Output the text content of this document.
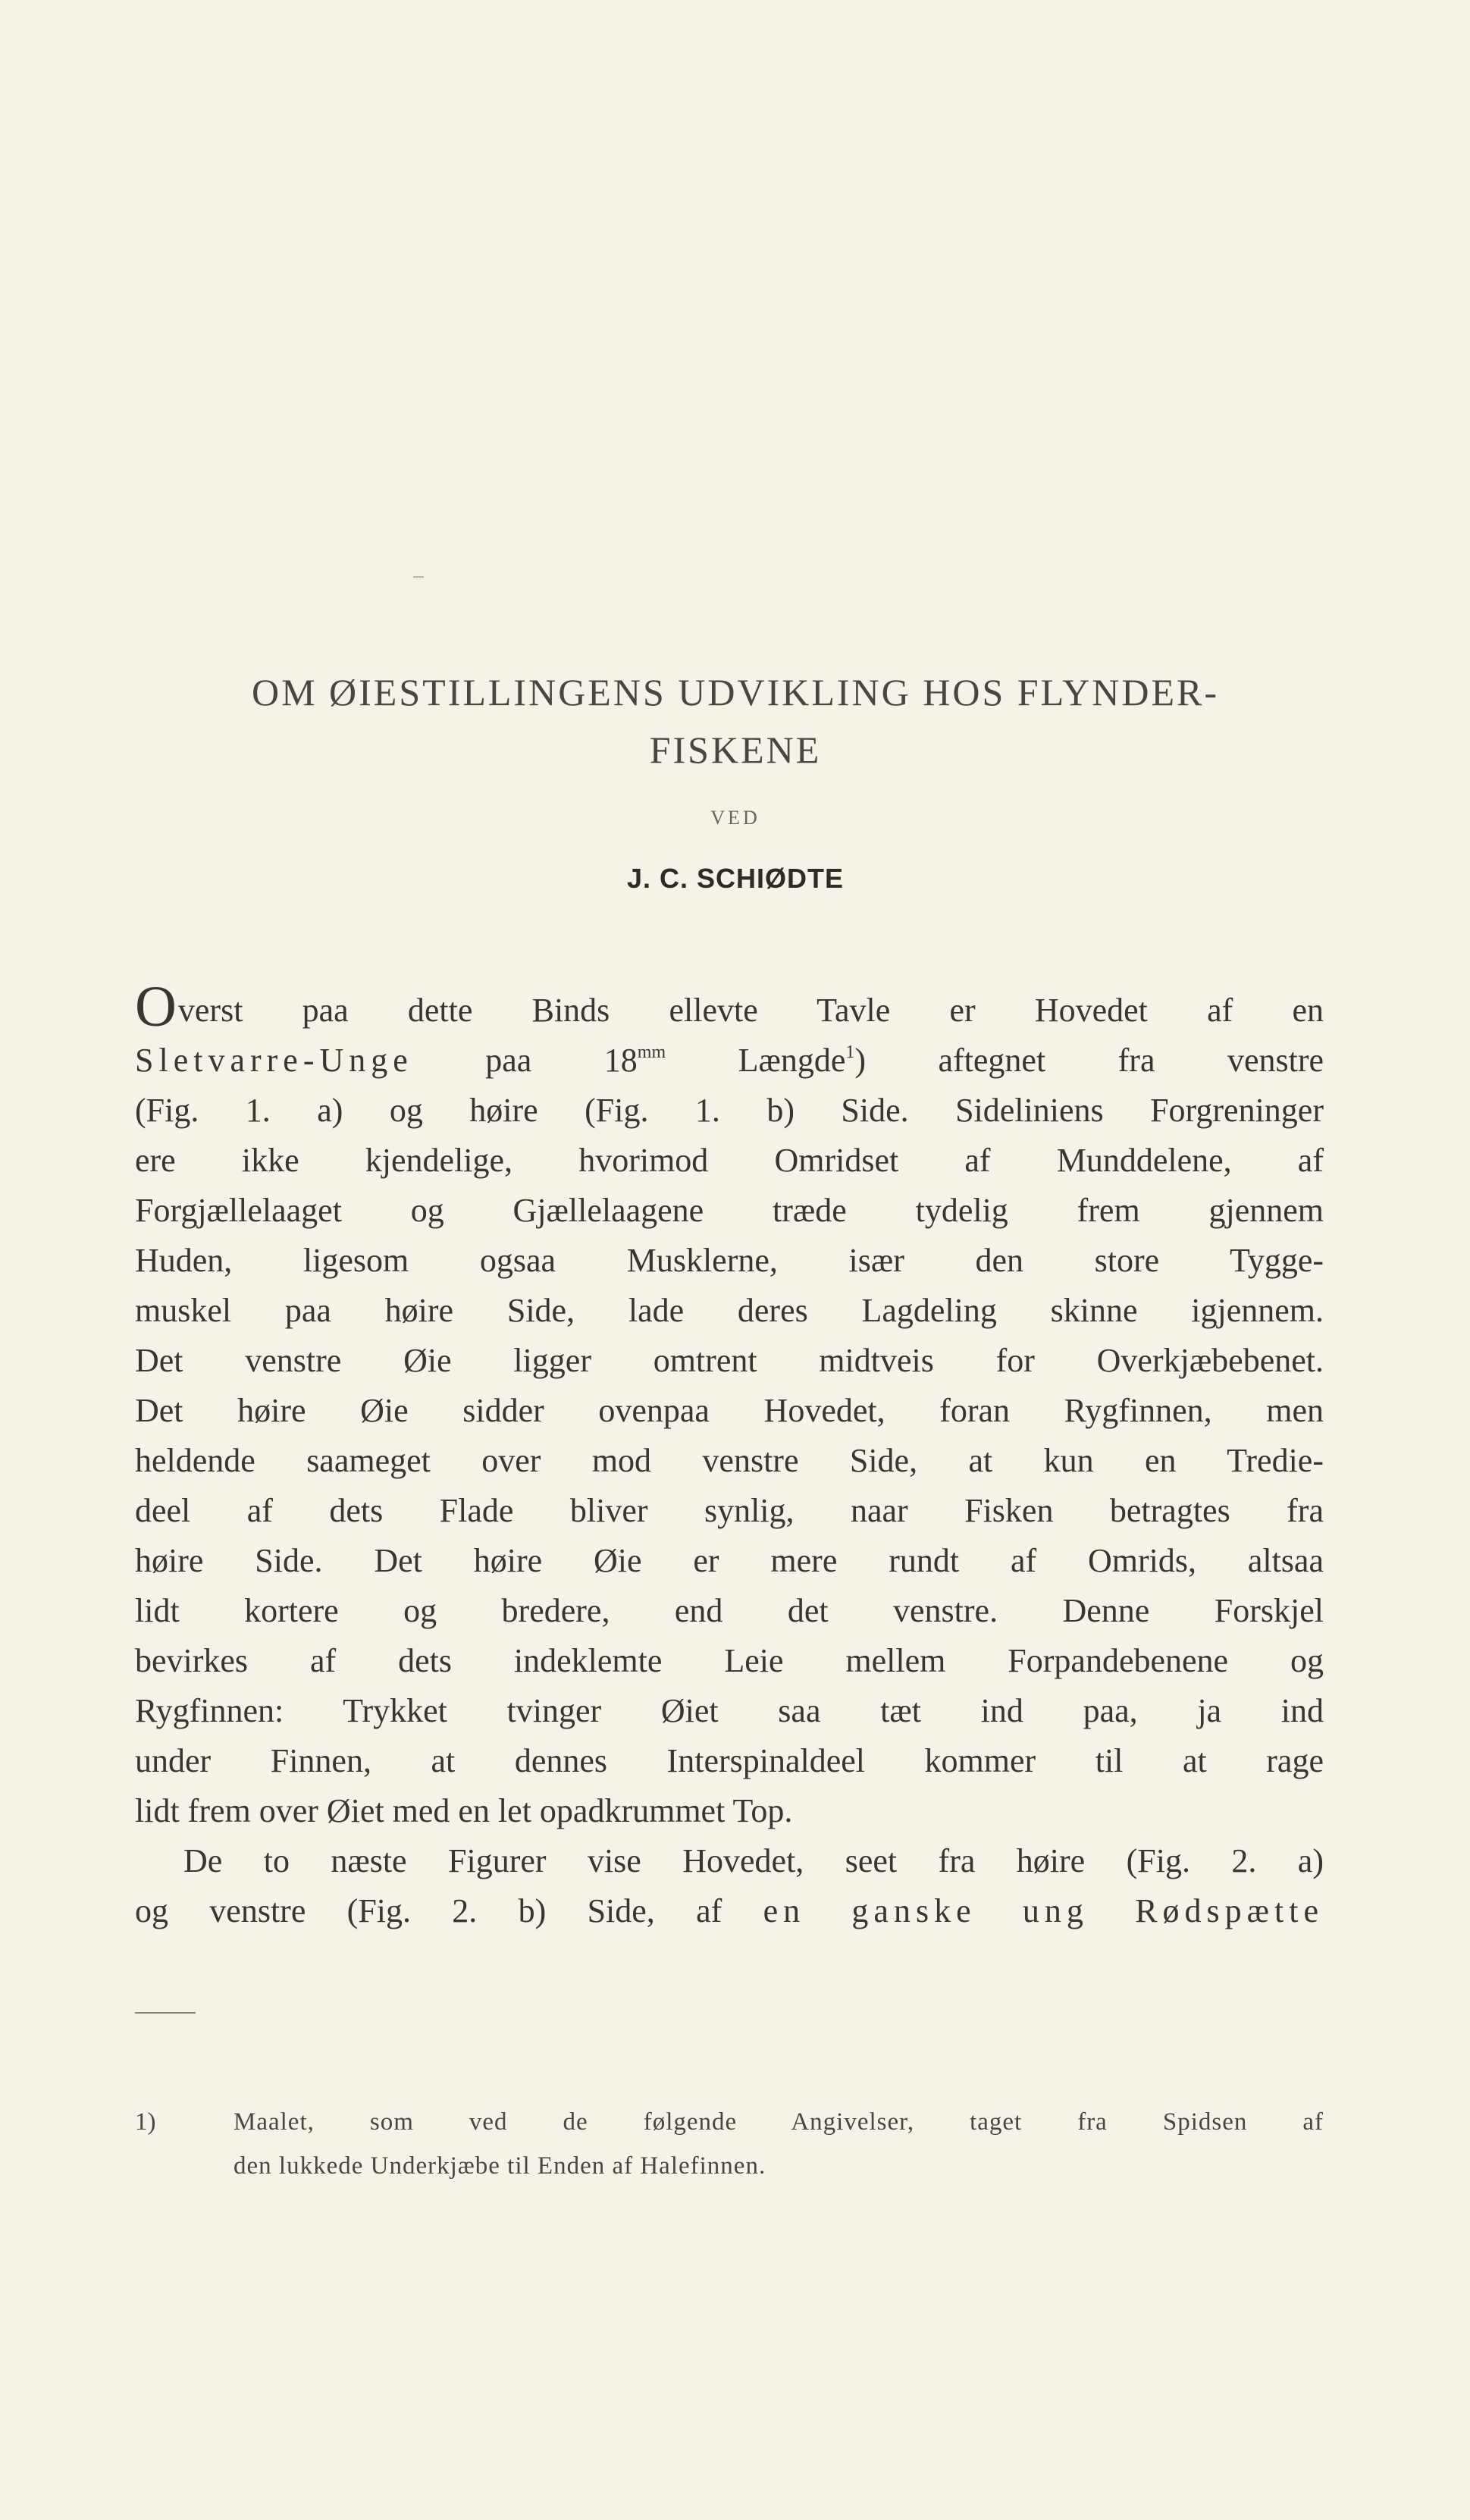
OM ØIESTILLINGENS UDVIKLING HOS FLYNDER-
FISKENE
VED
J. C. SCHIØDTE
Overst paa dette Binds ellevte Tavle er Hovedet af en
Sletvarre-Unge paa $18^{mm}$ Længde$^1$) aftegnet fra venstre
(Fig. 1. a) og høire (Fig. 1. b) Side. Sideliniens Forgreninger
ere ikke kjendelige, hvorimod Omridset af Munddelene, af
Forgjællelaaget og Gjællelaagene træde tydelig frem gjennem
Huden, ligesom ogsaa Musklerne, især den store Tygge-
muskel paa høire Side, lade deres Lagdeling skinne igjennem.
Det venstre Øie ligger omtrent midtveis for Overkjæbebenet.
Det høire Øie sidder ovenpaa Hovedet, foran Rygfinnen, men
heldende saameget over mod venstre Side, at kun en Tredie-
deel af dets Flade bliver synlig, naar Fisken betragtes fra
høire Side. Det høire Øie er mere rundt af Omrids, altsaa
lidt kortere og bredere, end det venstre. Denne Forskjel
bevirkes af dets indeklemte Leie mellem Forpandebenene og
Rygfinnen: Trykket tvinger Øiet saa tæt ind paa, ja ind
under Finnen, at dennes Interspinaldeel kommer til at rage
lidt frem over Øiet med en let opadkrummet Top.
De to næste Figurer vise Hovedet, seet fra høire (Fig. 2. a)
og venstre (Fig. 2. b) Side, af en ganske ung Rødspætte
1)	Maalet, som ved de følgende Angivelser, taget fra Spidsen af
den lukkede Underkjæbe til Enden af Halefinnen.
